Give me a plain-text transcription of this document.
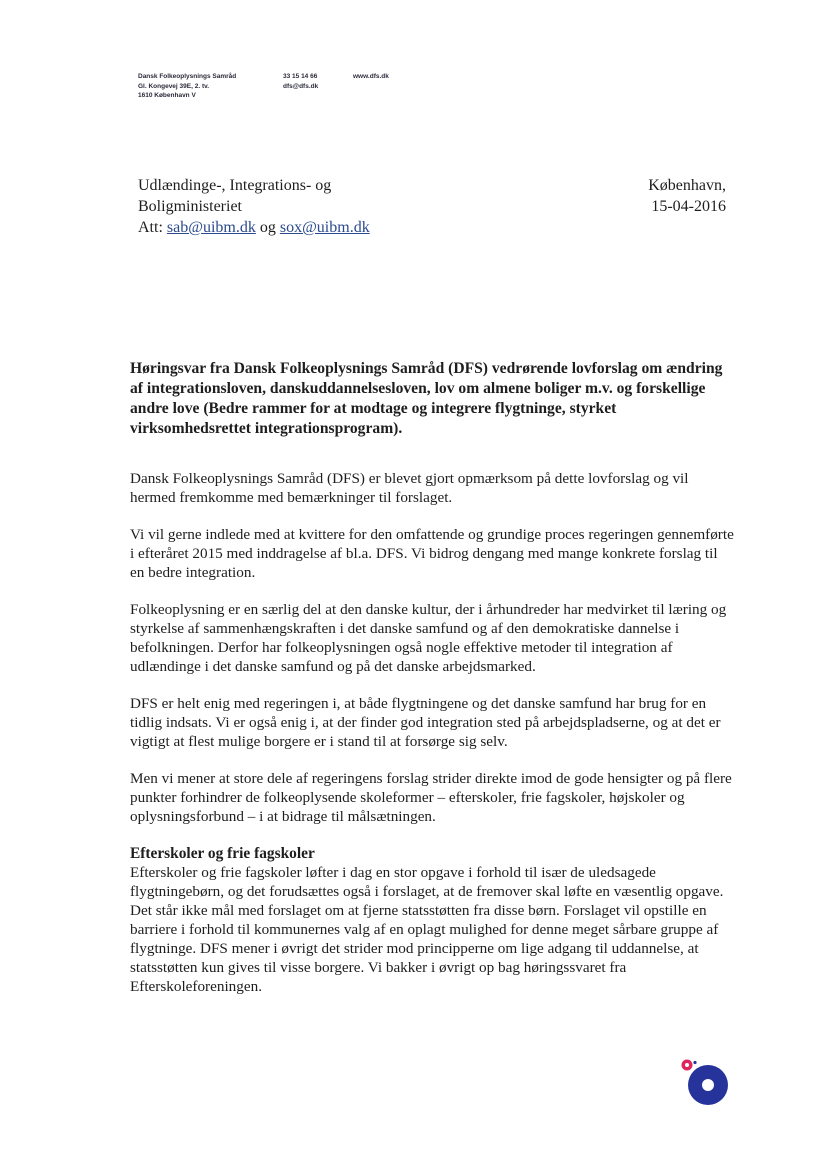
Dansk Folkeoplysnings Samråd
Gl. Kongevej 39E, 2. tv.
1610 København V
33 15 14 66
dfs@dfs.dk
www.dfs.dk
Udlændinge-, Integrations- og
Boligministeriet
Att: sab@uibm.dk og sox@uibm.dk
København,
15-04-2016
Høringsvar fra Dansk Folkeoplysnings Samråd (DFS) vedrørende lovforslag om ændring af integrationsloven, danskuddannelsesloven, lov om almene boliger m.v. og forskellige andre love (Bedre rammer for at modtage og integrere flygtninge, styrket virksomhedsrettet integrationsprogram).

Dansk Folkeoplysnings Samråd (DFS) er blevet gjort opmærksom på dette lovforslag og vil hermed fremkomme med bemærkninger til forslaget.

Vi vil gerne indlede med at kvittere for den omfattende og grundige proces regeringen gennemførte i efteråret 2015 med inddragelse af bl.a. DFS. Vi bidrog dengang med mange konkrete forslag til en bedre integration.

Folkeoplysning er en særlig del at den danske kultur, der i århundreder har medvirket til læring og styrkelse af sammenhængskraften i det danske samfund og af den demokratiske dannelse i befolkningen. Derfor har folkeoplysningen også nogle effektive metoder til integration af udlændinge i det danske samfund og på det danske arbejdsmarked.

DFS er helt enig med regeringen i, at både flygtningene og det danske samfund har brug for en tidlig indsats. Vi er også enig i, at der finder god integration sted på arbejdspladserne, og at det er vigtigt at flest mulige borgere er i stand til at forsørge sig selv.

Men vi mener at store dele af regeringens forslag strider direkte imod de gode hensigter og på flere punkter forhindrer de folkeoplysende skoleformer – efterskoler, frie fagskoler, højskoler og oplysningsforbund – i at bidrage til målsætningen.

Efterskoler og frie fagskoler

Efterskoler og frie fagskoler løfter i dag en stor opgave i forhold til især de uledsagede flygtningebørn, og det forudsættes også i forslaget, at de fremover skal løfte en væsentlig opgave. Det står ikke mål med forslaget om at fjerne statsstøtten fra disse børn. Forslaget vil opstille en barriere i forhold til kommunernes valg af en oplagt mulighed for denne meget sårbare gruppe af flygtninge. DFS mener i øvrigt det strider mod principperne om lige adgang til uddannelse, at statsstøtten kun gives til visse borgere. Vi bakker i øvrigt op bag høringssvaret fra Efterskoleforeningen.
